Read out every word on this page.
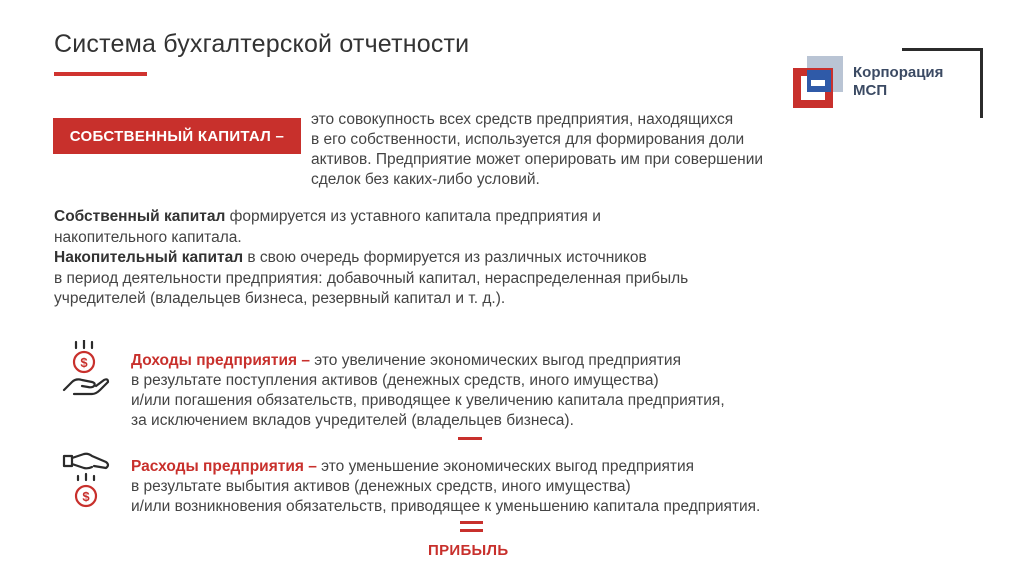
Система бухгалтерской отчетности
Корпорация
МСП
СОБСТВЕННЫЙ КАПИТАЛ –
это совокупность всех средств предприятия, находящихся
в его собственности, используется для формирования доли
активов. Предприятие может оперировать им при совершении
сделок без каких-либо условий.
Собственный капитал формируется из уставного капитала предприятия и
накопительного капитала.
Накопительный капитал в свою очередь формируется из различных источников
в период деятельности предприятия: добавочный капитал, нераспределенная прибыль
учредителей (владельцев бизнеса, резервный капитал и т. д.).
$	Доходы предприятия – это увеличение экономических выгод предприятия
в результате поступления активов (денежных средств, иного имущества)
и/или погашения обязательств, приводящее к увеличению капитала предприятия,
за исключением вкладов учредителей (владельцев бизнеса).
$
Расходы предприятия – это уменьшение экономических выгод предприятия
в результате выбытия активов (денежных средств, иного имущества)
и/или возникновения обязательств, приводящее к уменьшению капитала предприятия.
ПРИБЫЛЬ
